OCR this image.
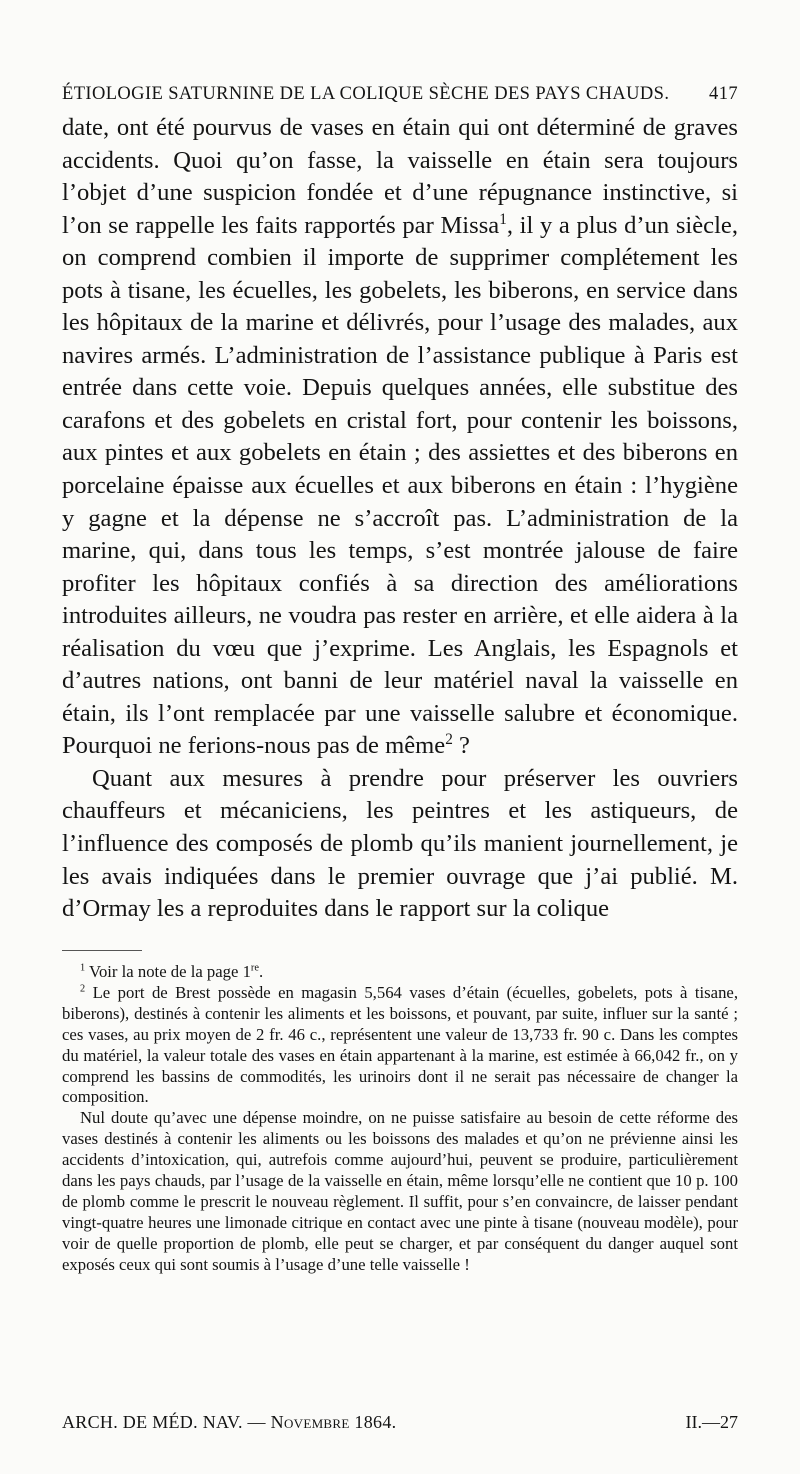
ÉTIOLOGIE SATURNINE DE LA COLIQUE SÈCHE DES PAYS CHAUDS. 417

date, ont été pourvus de vases en étain qui ont déterminé de graves accidents. Quoi qu’on fasse, la vaisselle en étain sera toujours l’objet d’une suspicion fondée et d’une répugnance instinctive, si l’on se rappelle les faits rapportés par Missa$^1$, il y a plus d’un siècle, on comprend combien il importe de supprimer complétement les pots à tisane, les écuelles, les gobelets, les biberons, en service dans les hôpitaux de la marine et délivrés, pour l’usage des malades, aux navires armés. L’administration de l’assistance publique à Paris est entrée dans cette voie. Depuis quelques années, elle substitue des carafons et des gobelets en cristal fort, pour contenir les boissons, aux pintes et aux gobelets en étain ; des assiettes et des biberons en porcelaine épaisse aux écuelles et aux biberons en étain : l’hygiène y gagne et la dépense ne s’accroît pas. L’administration de la marine, qui, dans tous les temps, s’est montrée jalouse de faire profiter les hôpitaux confiés à sa direction des améliorations introduites ailleurs, ne voudra pas rester en arrière, et elle aidera à la réalisation du vœu que j’exprime. Les Anglais, les Espagnols et d’autres nations, ont banni de leur matériel naval la vaisselle en étain, ils l’ont remplacée par une vaisselle salubre et économique. Pourquoi ne ferions-nous pas de même$^2$ ?

Quant aux mesures à prendre pour préserver les ouvriers chauffeurs et mécaniciens, les peintres et les astiqueurs, de l’influence des composés de plomb qu’ils manient journellement, je les avais indiquées dans le premier ouvrage que j’ai publié. M. d’Ormay les a reproduites dans le rapport sur la colique

$^1$ Voir la note de la page 1re.

$^2$ Le port de Brest possède en magasin 5,564 vases d’étain (écuelles, gobelets, pots à tisane, biberons), destinés à contenir les aliments et les boissons, et pouvant, par suite, influer sur la santé ; ces vases, au prix moyen de 2 fr. 46 c., représentent une valeur de 13,733 fr. 90 c. Dans les comptes du matériel, la valeur totale des vases en étain appartenant à la marine, est estimée à 66,042 fr., on y comprend les bassins de commodités, les urinoirs dont il ne serait pas nécessaire de changer la composition.

Nul doute qu’avec une dépense moindre, on ne puisse satisfaire au besoin de cette réforme des vases destinés à contenir les aliments ou les boissons des malades et qu’on ne prévienne ainsi les accidents d’intoxication, qui, autrefois comme aujourd’hui, peuvent se produire, particulièrement dans les pays chauds, par l’usage de la vaisselle en étain, même lorsqu’elle ne contient que 10 p. 100 de plomb comme le prescrit le nouveau règlement. Il suffit, pour s’en convaincre, de laisser pendant vingt-quatre heures une limonade citrique en contact avec une pinte à tisane (nouveau modèle), pour voir de quelle proportion de plomb, elle peut se charger, et par conséquent du danger auquel sont exposés ceux qui sont soumis à l’usage d’une telle vaisselle !

ARCH. DE MÉD. NAV. — Novembre 1864.	II.—27
